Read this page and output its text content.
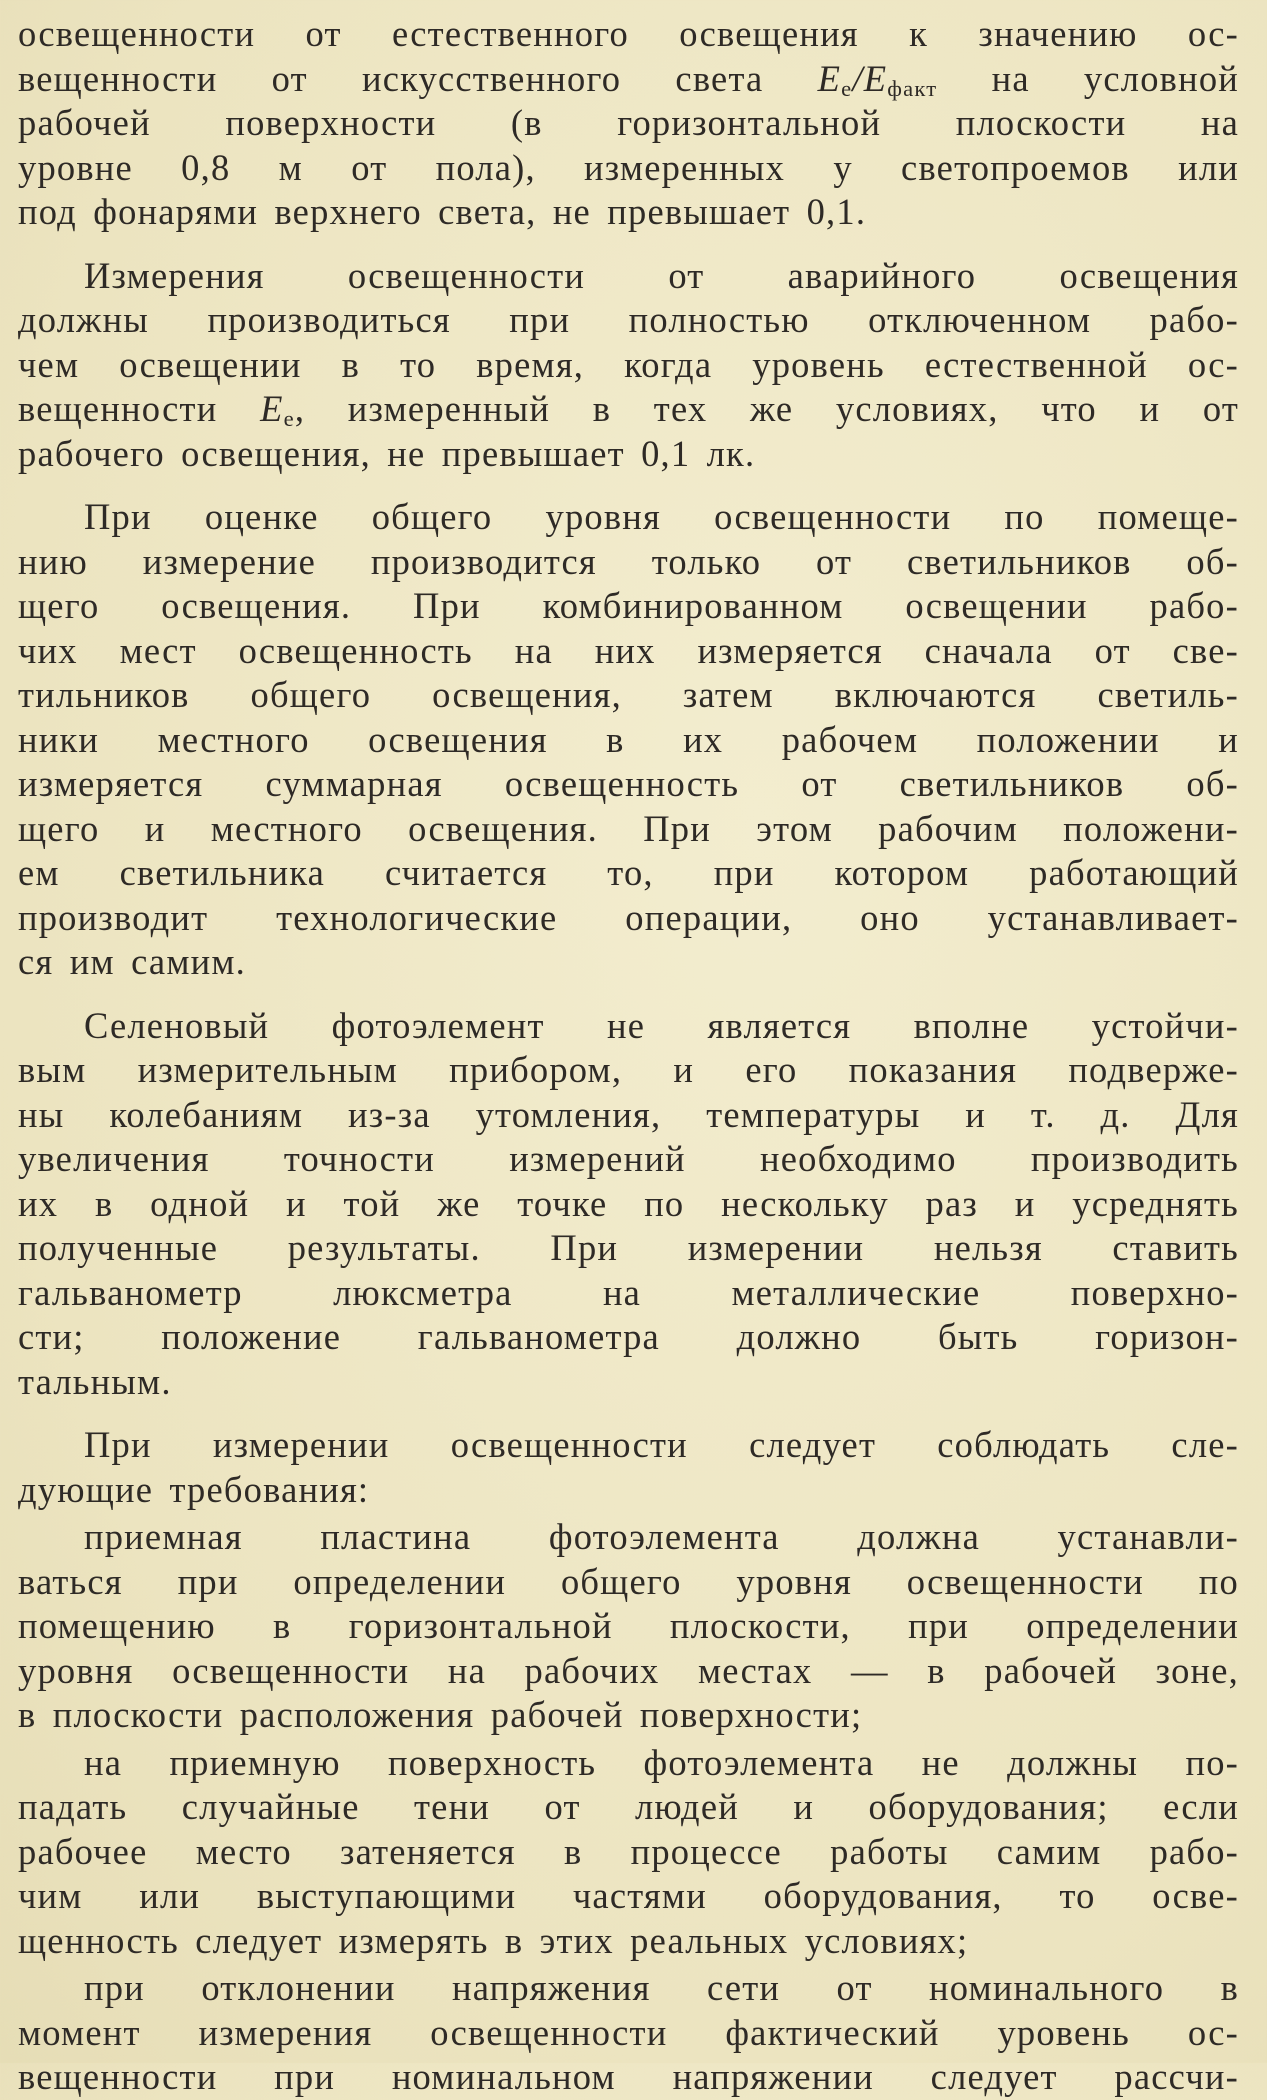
освещенности от естественного освещения к значению ос-
вещенности от искусственного света $E_e/E_{факт}$ на условной
рабочей поверхности (в горизонтальной плоскости на
уровне 0,8 м от пола), измеренных у светопроемов или
под фонарями верхнего света, не превышает 0,1.
Измерения освещенности от аварийного освещения
должны производиться при полностью отключенном рабо-
чем освещении в то время, когда уровень естественной ос-
вещенности $E_e$, измеренный в тех же условиях, что и от
рабочего освещения, не превышает 0,1 лк.
При оценке общего уровня освещенности по помеще-
нию измерение производится только от светильников об-
щего освещения. При комбинированном освещении рабо-
чих мест освещенность на них измеряется сначала от све-
тильников общего освещения, затем включаются светиль-
ники местного освещения в их рабочем положении и
измеряется суммарная освещенность от светильников об-
щего и местного освещения. При этом рабочим положени-
ем светильника считается то, при котором работающий
производит технологические операции, оно устанавливает-
ся им самим.
Селеновый фотоэлемент не является вполне устойчи-
вым измерительным прибором, и его показания подверже-
ны колебаниям из-за утомления, температуры и т. д. Для
увеличения точности измерений необходимо производить
их в одной и той же точке по нескольку раз и усреднять
полученные результаты. При измерении нельзя ставить
гальванометр люксметра на металлические поверхно-
сти; положение гальванометра должно быть горизон-
тальным.
При измерении освещенности следует соблюдать сле-
дующие требования:
приемная пластина фотоэлемента должна устанавли-
ваться при определении общего уровня освещенности по
помещению в горизонтальной плоскости, при определении
уровня освещенности на рабочих местах — в рабочей зоне,
в плоскости расположения рабочей поверхности;
на приемную поверхность фотоэлемента не должны по-
падать случайные тени от людей и оборудования; если
рабочее место затеняется в процессе работы самим рабо-
чим или выступающими частями оборудования, то осве-
щенность следует измерять в этих реальных условиях;
при отклонении напряжения сети от номинального в
момент измерения освещенности фактический уровень ос-
вещенности при номинальном напряжении следует рассчи-
